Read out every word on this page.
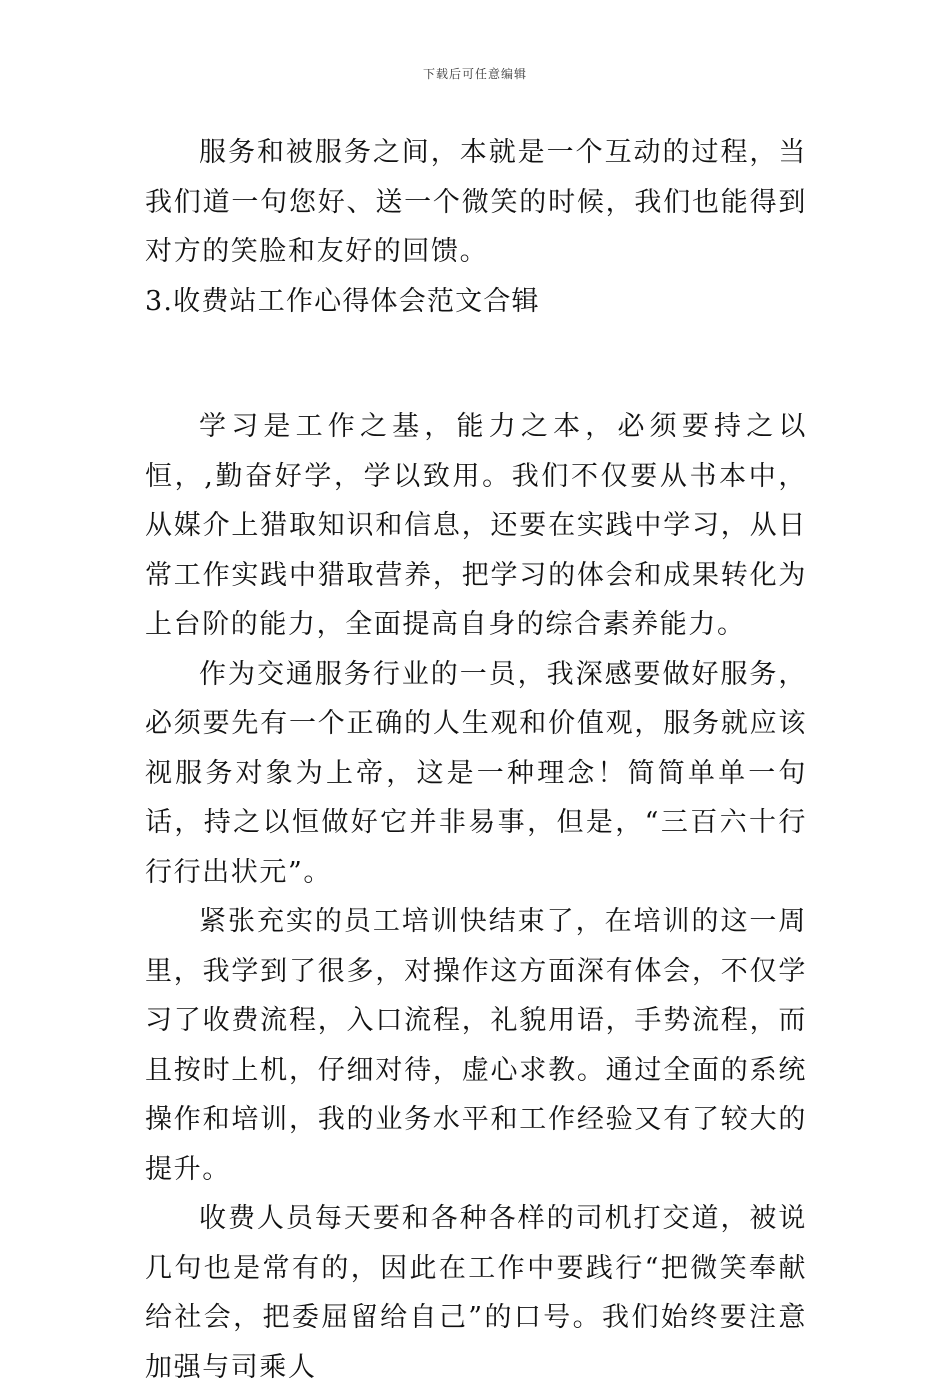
下载后可任意编辑

服务和被服务之间，本就是一个互动的过程，当我们道一句您好、送一个微笑的时候，我们也能得到对方的笑脸和友好的回馈。

3.收费站工作心得体会范文合辑

学习是工作之基，能力之本，必须要持之以恒，,勤奋好学，学以致用。我们不仅要从书本中，从媒介上猎取知识和信息，还要在实践中学习，从日常工作实践中猎取营养，把学习的体会和成果转化为上台阶的能力，全面提高自身的综合素养能力。

作为交通服务行业的一员，我深感要做好服务，必须要先有一个正确的人生观和价值观，服务就应该视服务对象为上帝，这是一种理念！简简单单一句话，持之以恒做好它并非易事，但是，“三百六十行行行出状元”。

紧张充实的员工培训快结束了，在培训的这一周里，我学到了很多，对操作这方面深有体会，不仅学习了收费流程，入口流程，礼貌用语，手势流程，而且按时上机，仔细对待，虚心求教。通过全面的系统操作和培训，我的业务水平和工作经验又有了较大的提升。

收费人员每天要和各种各样的司机打交道，被说几句也是常有的，因此在工作中要践行“把微笑奉献给社会，把委屈留给自己”的口号。我们始终要注意加强与司乘人
